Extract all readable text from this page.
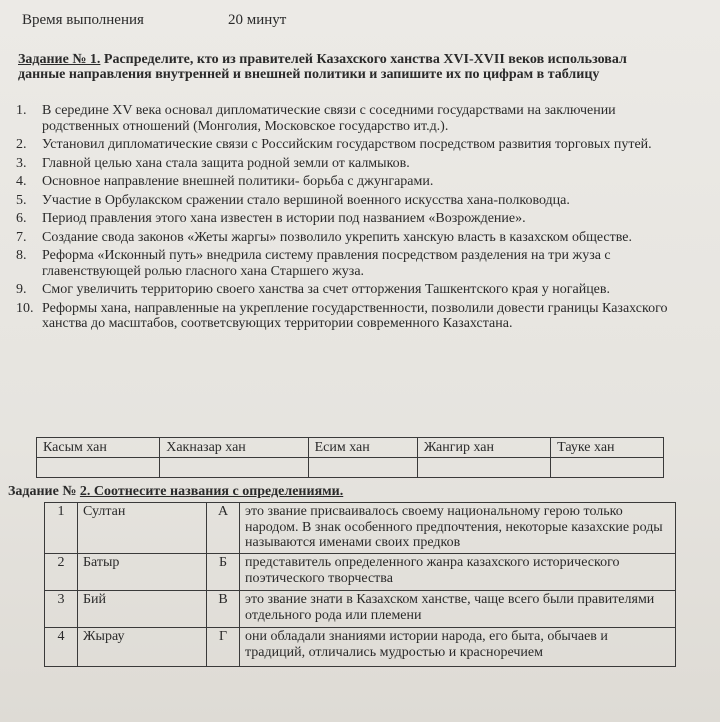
Время выполнения	20 минут
Задание № 1. Распределите, кто из правителей Казахского ханства XVI-XVII веков использовал данные направления внутренней и внешней политики и запишите их по цифрам в таблицу
1. В середине XV века основал дипломатические связи с соседними государствами на заключении родственных отношений (Монголия, Московское государство ит.д.).
2. Установил дипломатические связи с Российским государством посредством развития торговых путей.
3. Главной целью хана стала защита родной земли от калмыков.
4. Основное направление внешней политики- борьба с джунгарами.
5. Участие в Орбулакском сражении стало вершиной военного искусства хана-полководца.
6. Период правления этого хана известен в истории под названием «Возрождение».
7. Создание свода законов «Жеты жаргы» позволило укрепить ханскую власть в казахском обществе.
8. Реформа «Исконный путь» внедрила систему правления посредством разделения на три жуза с главенствующей ролью гласного хана Старшего жуза.
9. Смог увеличить территорию своего ханства за счет отторжения Ташкентского края у ногайцев.
10. Реформы хана, направленные на укрепление государственности, позволили довести границы Казахского ханства до масштабов, соответсвующих территории современного Казахстана.
Касым хан	Хакназар хан	Есим хан	Жангир хан	Тауке хан

Задание № 2. Соотнесите названия с определениями.
1	Султан	А	это звание присваивалось своему национальному герою только народом. В знак особенного предпочтения, некоторые казахские роды называются именами своих предков
2	Батыр	Б	представитель определенного жанра казахского исторического поэтического творчества
3	Бий	В	это звание знати в Казахском ханстве, чаще всего были правителями отдельного рода или племени
4	Жырау	Г	они обладали знаниями истории народа, его быта, обычаев и традиций, отличались мудростью и красноречием
